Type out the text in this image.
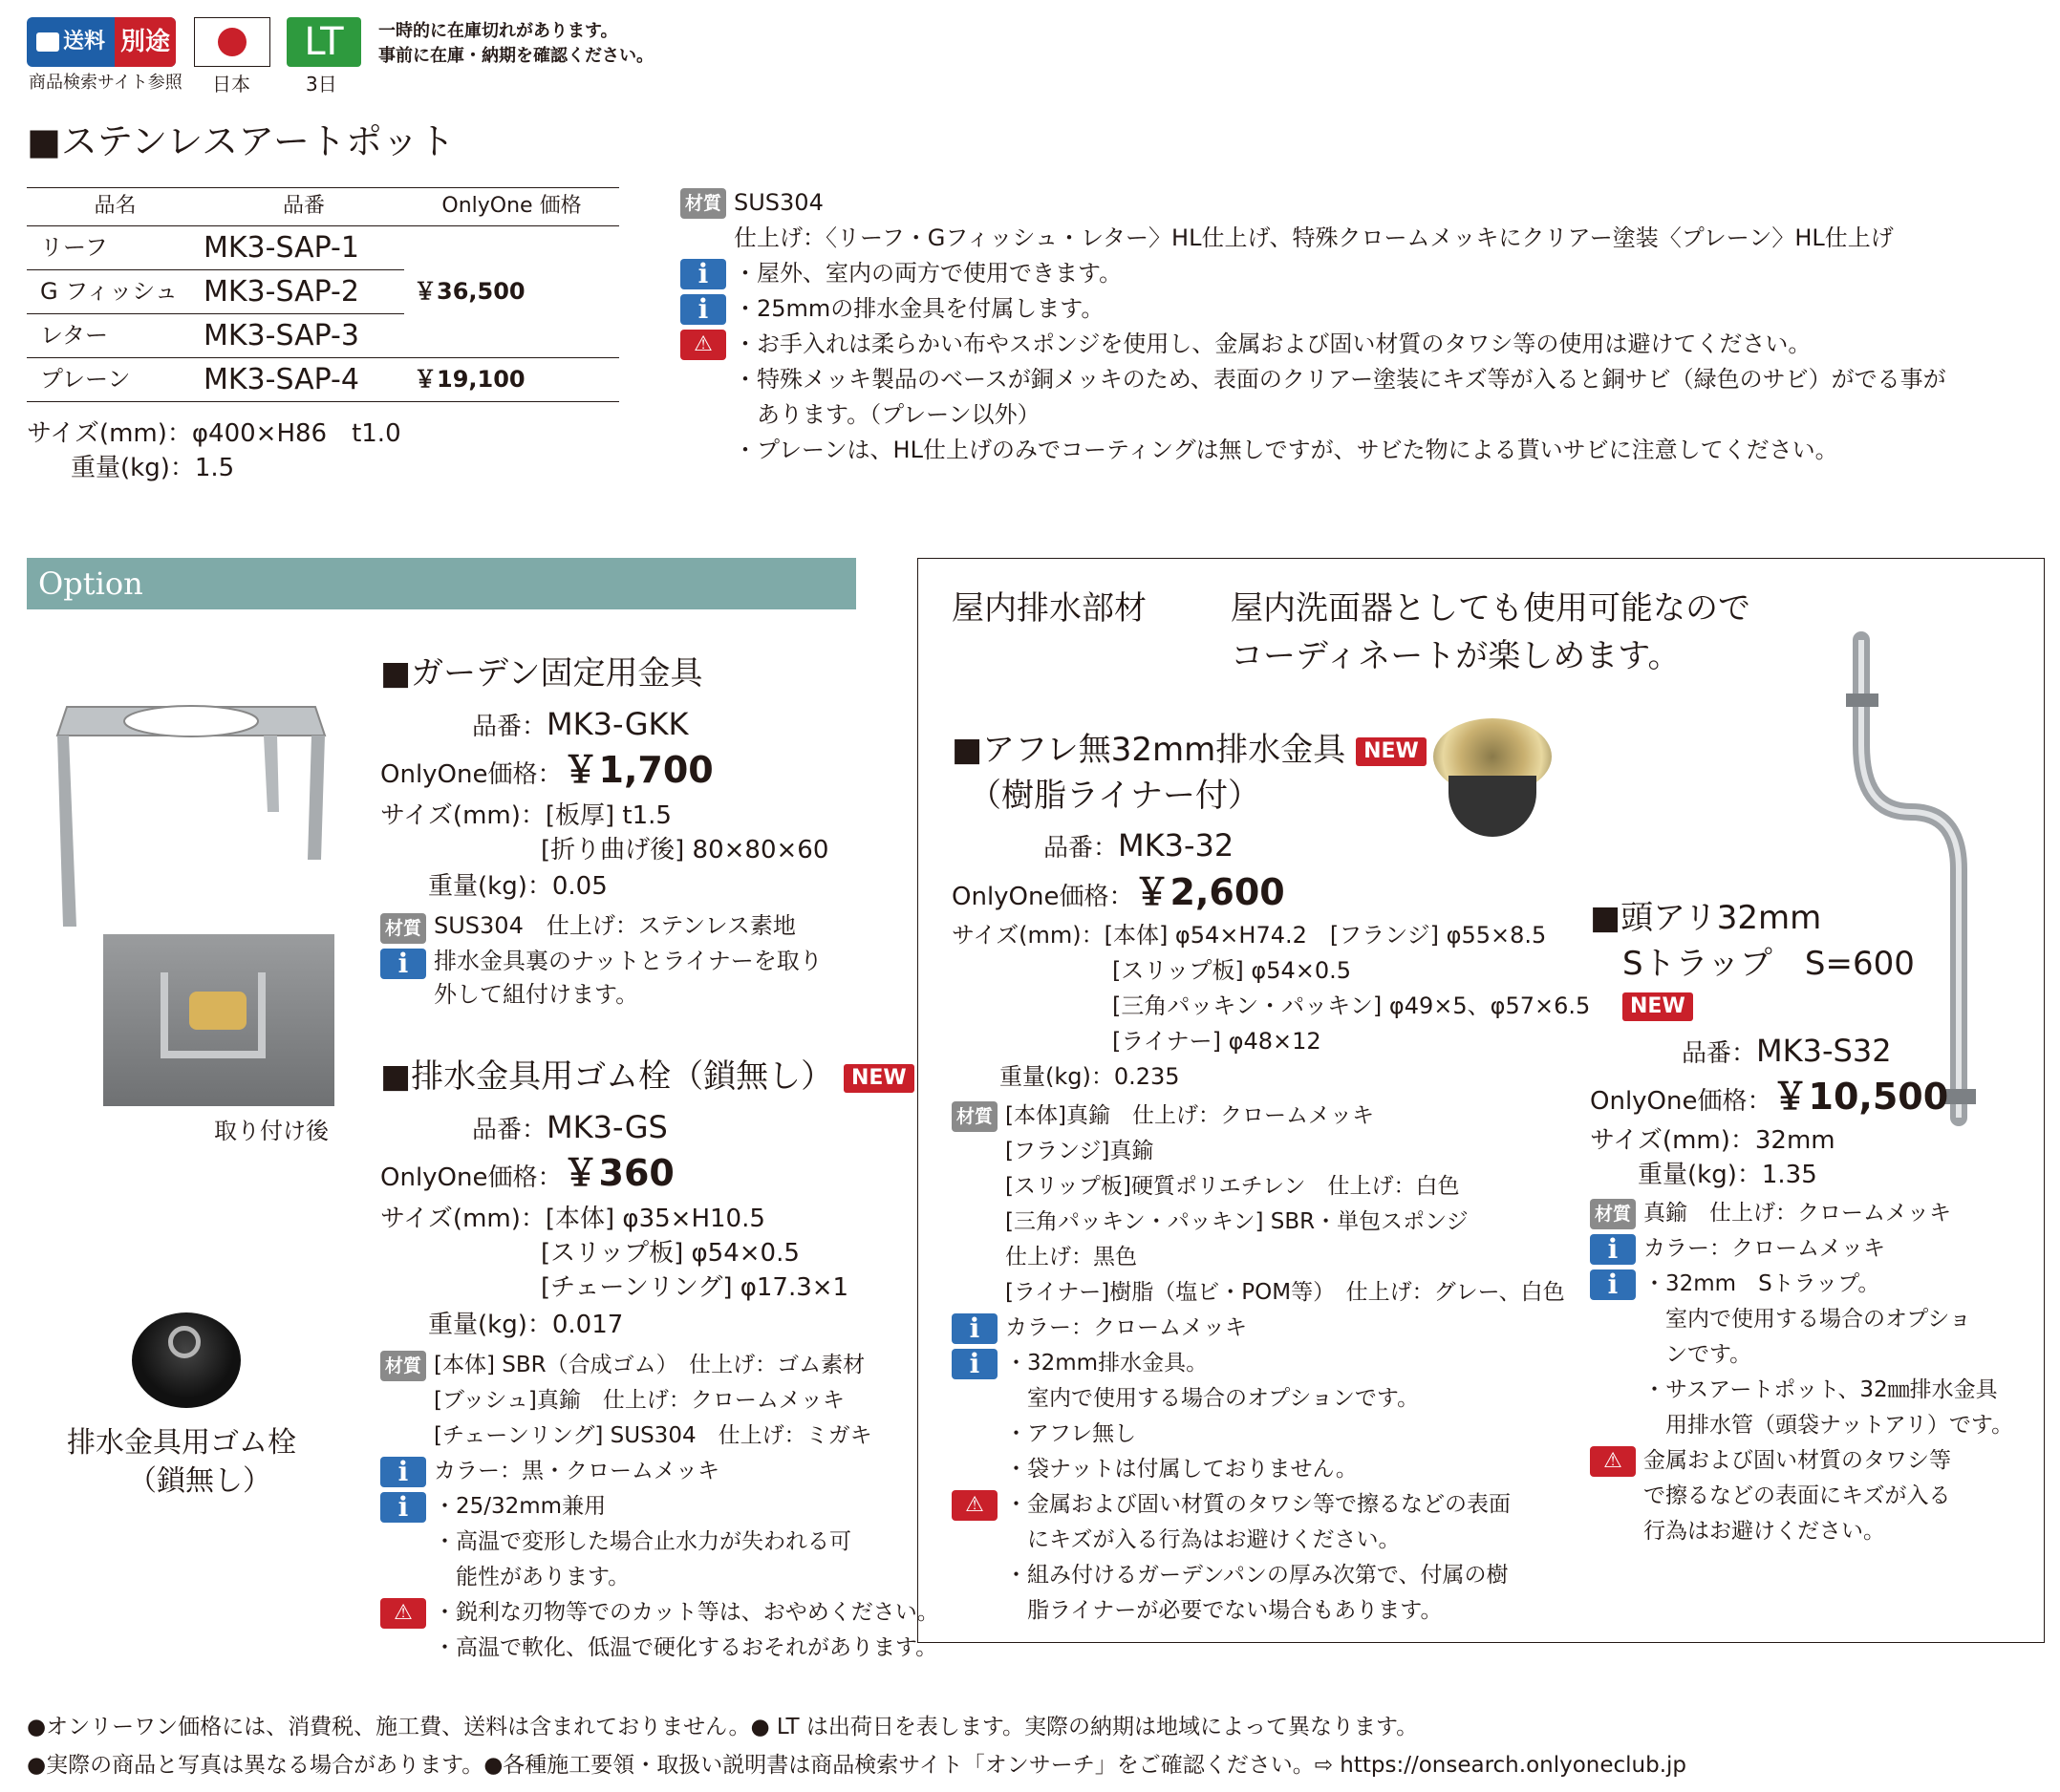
送料 別途
商品検索サイト参照 日本
LT
3日
一時的に在庫切れがあります。
事前に在庫・納期を確認ください。
■ステンレスアートポット
品名	品番	OnlyOne 価格
リーフ	MK3-SAP-1	￥36,500
G フィッシュ	MK3-SAP-2	
レター	MK3-SAP-3	
プレーン	MK3-SAP-4	￥19,100
サイズ(mm)：φ400×H86　t1.0
重量(kg)：1.5
材質 SUS304
仕上げ：〈リーフ・Gフィッシュ・レター〉HL仕上げ、特殊クロームメッキにクリアー塗装〈プレーン〉HL仕上げ
i	・屋外、室内の両方で使用できます。
i	・25mmの排水金具を付属します。
⚠ ・お手入れは柔らかい布やスポンジを使用し、金属および固い材質のタワシ等の使用は避けてください。
・特殊メッキ製品のベースが銅メッキのため、表面のクリアー塗装にキズ等が入ると銅サビ（緑色のサビ）がでる事が
　あります。（プレーン以外）
・プレーンは、HL仕上げのみでコーティングは無しですが、サビた物による貰いサビに注意してください。
Option
取り付け後
■ガーデン固定用金具
品番：MK3-GKK
OnlyOne価格：￥1,700
サイズ(mm)：[板厚] t1.5
[折り曲げ後] 80×80×60
重量(kg)：0.05
材質 SUS304　仕上げ：ステンレス素地
i	排水金具裏のナットとライナーを取り
外して組付けます。
排水金具用ゴム栓
（鎖無し）
■排水金具用ゴム栓（鎖無し） NEW
品番：MK3-GS
OnlyOne価格：￥360
サイズ(mm)：[本体] φ35×H10.5
[スリップ板] φ54×0.5
[チェーンリング] φ17.3×1
重量(kg)：0.017
材質 [本体] SBR（合成ゴム）　仕上げ：ゴム素材
[ブッシュ]真鍮　仕上げ：クロームメッキ
[チェーンリング] SUS304　仕上げ：ミガキ
i	カラー：黒・クロームメッキ
i	・25/32mm兼用
・高温で変形した場合止水力が失われる可
　能性があります。
⚠ ・鋭利な刃物等でのカット等は、おやめください。
・高温で軟化、低温で硬化するおそれがあります。
屋内排水部材	屋内洗面器としても使用可能なので
コーディネートが楽しめます。
■アフレ無32mm排水金具 NEW
（樹脂ライナー付）
品番：MK3-32
OnlyOne価格：￥2,600
サイズ(mm)：[本体] φ54×H74.2　[フランジ] φ55×8.5
[スリップ板] φ54×0.5
[三角パッキン・パッキン] φ49×5、φ57×6.5
[ライナー] φ48×12
重量(kg)：0.235
材質 [本体]真鍮　仕上げ：クロームメッキ
[フランジ]真鍮
[スリップ板]硬質ポリエチレン　仕上げ：白色
[三角パッキン・パッキン] SBR・単包スポンジ
仕上げ：黒色
[ライナー]樹脂（塩ビ・POM等）　仕上げ：グレー、白色
i	カラー：クロームメッキ
i	・32mm排水金具。
　室内で使用する場合のオプションです。
・アフレ無し
・袋ナットは付属しておりません。
⚠ ・金属および固い材質のタワシ等で擦るなどの表面
　にキズが入る行為はお避けください。
・組み付けるガーデンパンの厚み次第で、付属の樹
　脂ライナーが必要でない場合もあります。
■頭アリ32mm
Sトラップ　S=600
NEW
品番：MK3-S32
OnlyOne価格：￥10,500
サイズ(mm)：32mm
重量(kg)：1.35
材質 真鍮　仕上げ：クロームメッキ
i	カラー：クロームメッキ
i	・32mm　Sトラップ。
　室内で使用する場合のオプショ
　ンです。
・サスアートポット、32㎜排水金具
　用排水管（頭袋ナットアリ）です。
⚠ 金属および固い材質のタワシ等
で擦るなどの表面にキズが入る
行為はお避けください。
●オンリーワン価格には、消費税、施工費、送料は含まれておりません。● LT は出荷日を表します。実際の納期は地域によって異なります。
●実際の商品と写真は異なる場合があります。●各種施工要領・取扱い説明書は商品検索サイト「オンサーチ」をご確認ください。⇨ https://onsearch.onlyoneclub.jp
